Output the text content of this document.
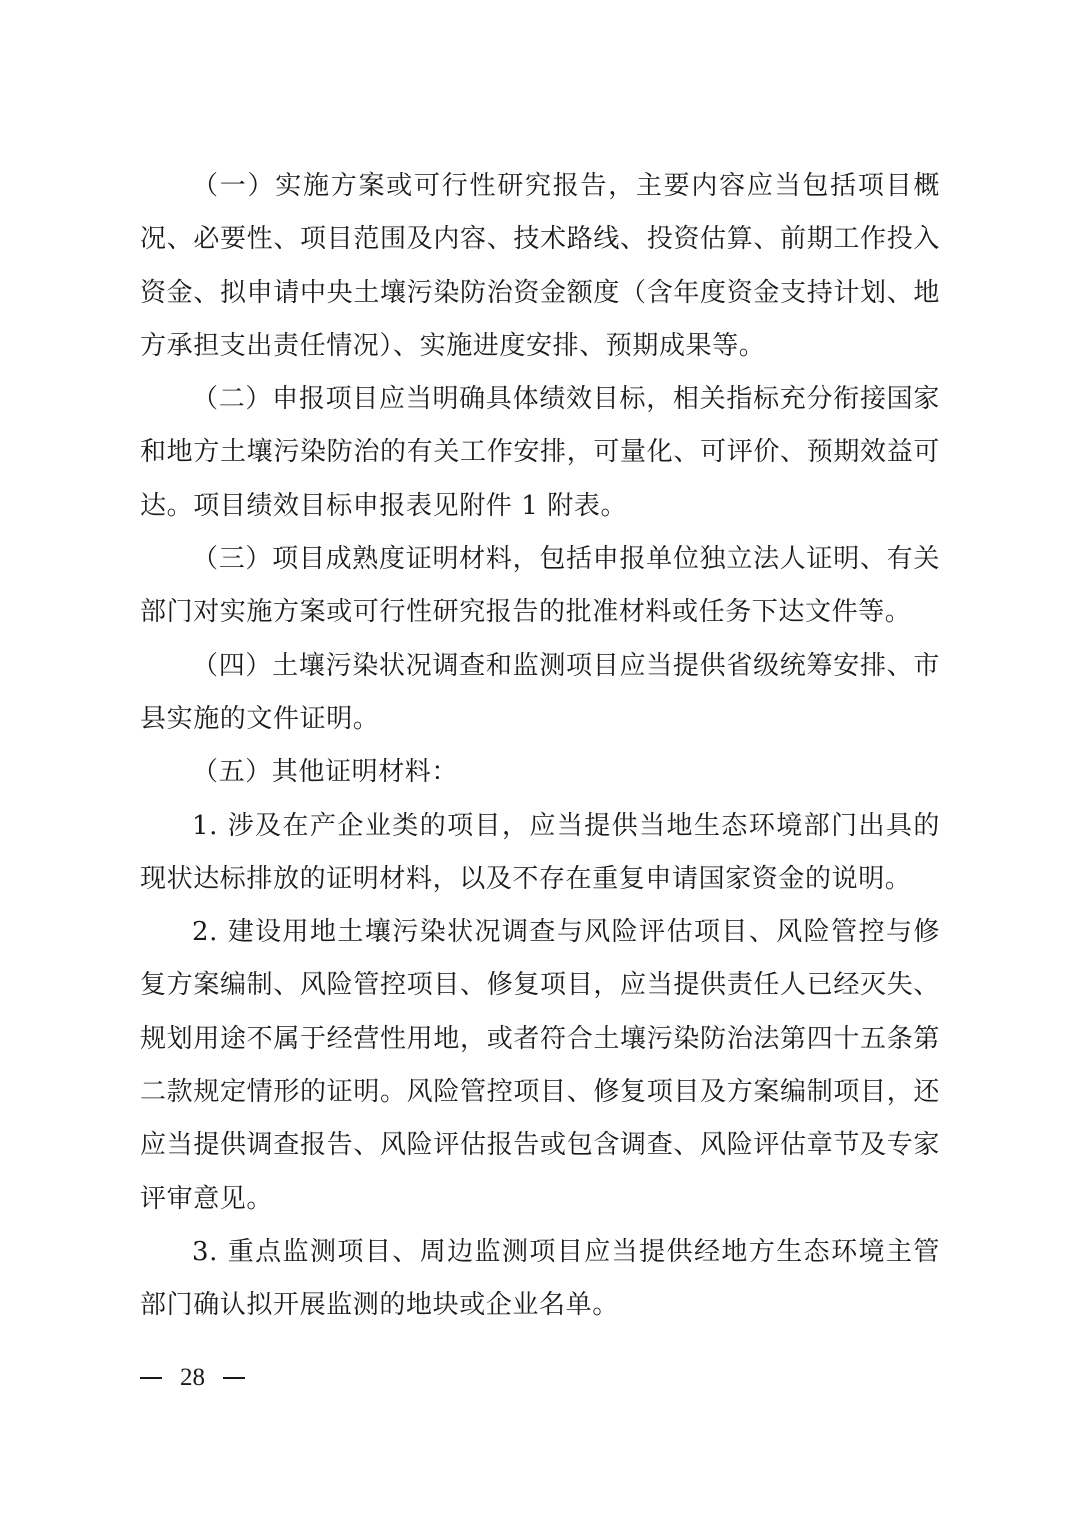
（一）实施方案或可行性研究报告，主要内容应当包括项目概况、必要性、项目范围及内容、技术路线、投资估算、前期工作投入资金、拟申请中央土壤污染防治资金额度（含年度资金支持计划、地方承担支出责任情况）、实施进度安排、预期成果等。

（二）申报项目应当明确具体绩效目标，相关指标充分衔接国家和地方土壤污染防治的有关工作安排，可量化、可评价、预期效益可达。项目绩效目标申报表见附件 1 附表。

（三）项目成熟度证明材料，包括申报单位独立法人证明、有关部门对实施方案或可行性研究报告的批准材料或任务下达文件等。

（四）土壤污染状况调查和监测项目应当提供省级统筹安排、市县实施的文件证明。

（五）其他证明材料：

1. 涉及在产企业类的项目，应当提供当地生态环境部门出具的现状达标排放的证明材料，以及不存在重复申请国家资金的说明。

2. 建设用地土壤污染状况调查与风险评估项目、风险管控与修复方案编制、风险管控项目、修复项目，应当提供责任人已经灭失、规划用途不属于经营性用地，或者符合土壤污染防治法第四十五条第二款规定情形的证明。风险管控项目、修复项目及方案编制项目，还应当提供调查报告、风险评估报告或包含调查、风险评估章节及专家评审意见。

3. 重点监测项目、周边监测项目应当提供经地方生态环境主管部门确认拟开展监测的地块或企业名单。

28
